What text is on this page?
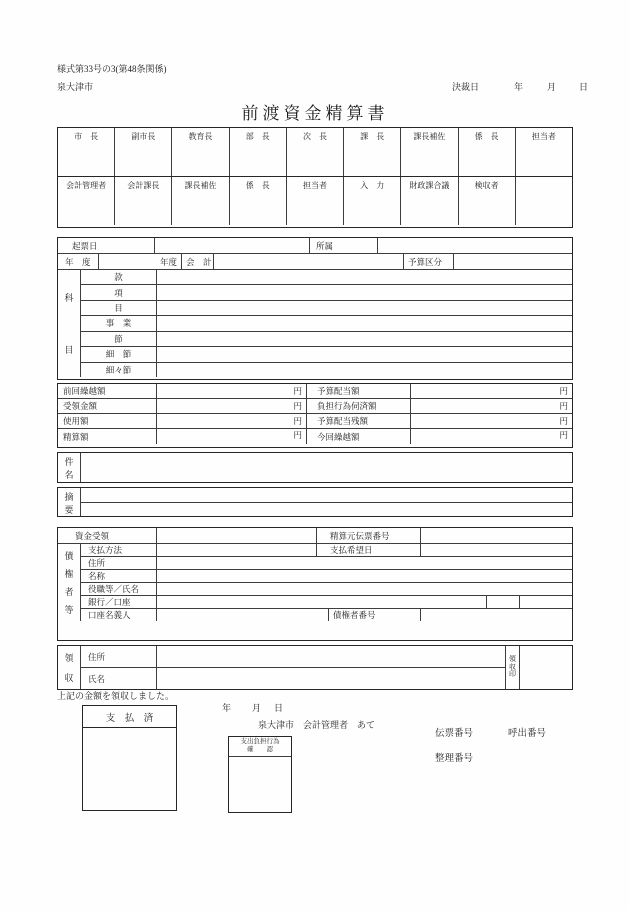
様式第33号の3(第48条関係)
泉大津市	決裁日	年	月	日
前渡資金精算書
市　長	副市長	教育長	部　長	次　長	課　長	課長補佐	係　長	担当者
会計管理者	会計課長	課長補佐	係　長	担当者	入　力	財政課合議	検収者
起票日	所属
年　度	年度	会　計	予算区分
科
目
款
項
目
事　業
節
細　節
細々節
前回繰越額	円	予算配当額	円
受領金額	円	負担行為伺済額	円
使用額	円	予算配当残額	円
精算額	円	今回繰越額	円
件
名
摘
要
資金受領	精算元伝票番号
債
権
者
等
支払方法	支払希望日
住所
名称
役職等／氏名
銀行／口座
口座名義人	債権者番号
領
収
住所
氏名
領
収
印
上記の金額を領収しました。
支　払　済
年 月 日
泉大津市　会計管理者　あて
支出負担行為
確　　認
伝票番号	呼出番号
整理番号
